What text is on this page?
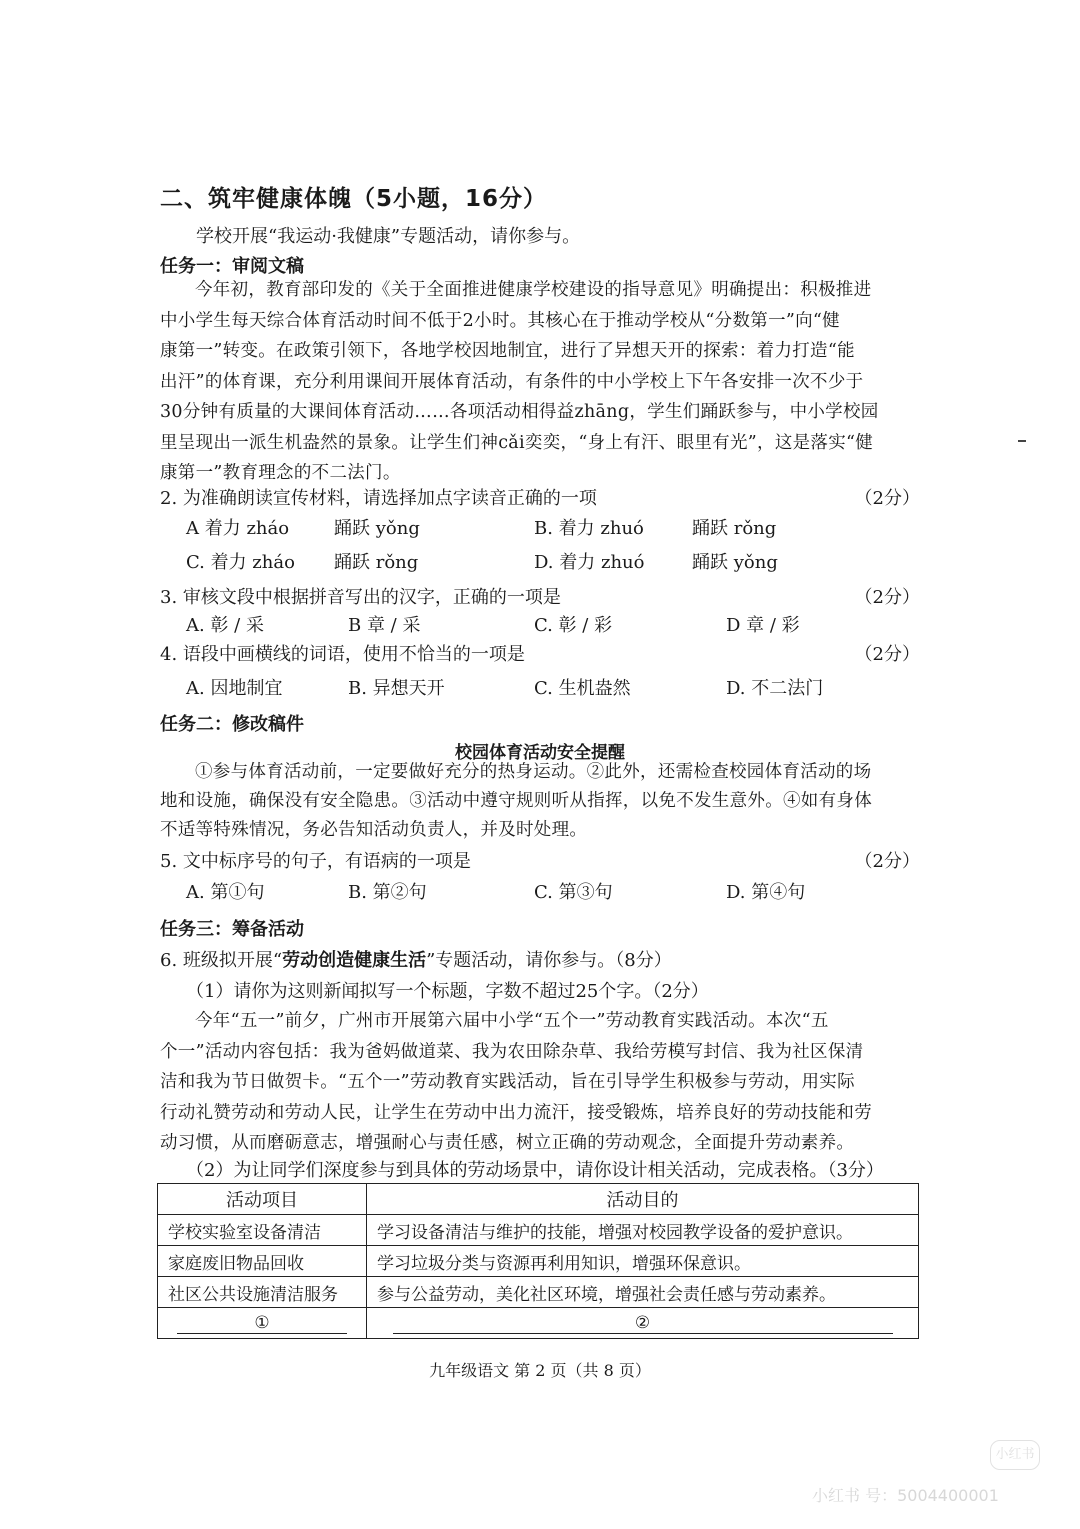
二、筑牢健康体魄（5小题，16分）
学校开展“我运动·我健康”专题活动，请你参与。
任务一：审阅文稿
今年初，教育部印发的《关于全面推进健康学校建设的指导意见》明确提出：积极推进
中小学生每天综合体育活动时间不低于2小时。其核心在于推动学校从“分数第一”向“健
康第一”转变。在政策引领下，各地学校因地制宜，进行了异想天开的探索：着力打造“能
出汗”的体育课，充分利用课间开展体育活动，有条件的中小学校上下午各安排一次不少于
30分钟有质量的大课间体育活动……各项活动相得益zhāng，学生们踊跃参与，中小学校园
里呈现出一派生机盎然的景象。让学生们神cǎi奕奕，“身上有汗、眼里有光”，这是落实“健
康第一”教育理念的不二法门。
2. 为准确朗读宣传材料，请选择加点字读音正确的一项	（2分）
A 着力 zháo 踊跃 yǒng	B. 着力 zhuó	踊跃 rǒng
C. 着力 zháo 踊跃 rǒng	D. 着力 zhuó	踊跃 yǒng
3. 审核文段中根据拼音写出的汉字，正确的一项是	（2分）
A. 彰 / 采	B 章 / 采	C. 彰 / 彩	D 章 / 彩
4. 语段中画横线的词语，使用不恰当的一项是	（2分）
A. 因地制宜	B. 异想天开	C. 生机盎然	D. 不二法门
任务二：修改稿件
校园体育活动安全提醒
①参与体育活动前，一定要做好充分的热身运动。②此外，还需检查校园体育活动的场
地和设施，确保没有安全隐患。③活动中遵守规则听从指挥，以免不发生意外。④如有身体
不适等特殊情况，务必告知活动负责人，并及时处理。
5. 文中标序号的句子，有语病的一项是	（2分）
A. 第①句	B. 第②句	C. 第③句	D. 第④句
任务三：筹备活动
6. 班级拟开展“劳动创造健康生活”专题活动，请你参与。（8分）
（1）请你为这则新闻拟写一个标题，字数不超过25个字。（2分）
今年“五一”前夕，广州市开展第六届中小学“五个一”劳动教育实践活动。本次“五
个一”活动内容包括：我为爸妈做道菜、我为农田除杂草、我给劳模写封信、我为社区保清
洁和我为节日做贺卡。“五个一”劳动教育实践活动，旨在引导学生积极参与劳动，用实际
行动礼赞劳动和劳动人民，让学生在劳动中出力流汗，接受锻炼，培养良好的劳动技能和劳
动习惯，从而磨砺意志，增强耐心与责任感，树立正确的劳动观念，全面提升劳动素养。
（2）为让同学们深度参与到具体的劳动场景中，请你设计相关活动，完成表格。（3分）
活动项目	活动目的
学校实验室设备清洁	学习设备清洁与维护的技能，增强对校园教学设备的爱护意识。
家庭废旧物品回收	学习垃圾分类与资源再利用知识，增强环保意识。
社区公共设施清洁服务	参与公益劳动，美化社区环境，增强社会责任感与劳动素养。
①	②
九年级语文 第 2 页（共 8 页）
小红书
小红书 号：5004400001
